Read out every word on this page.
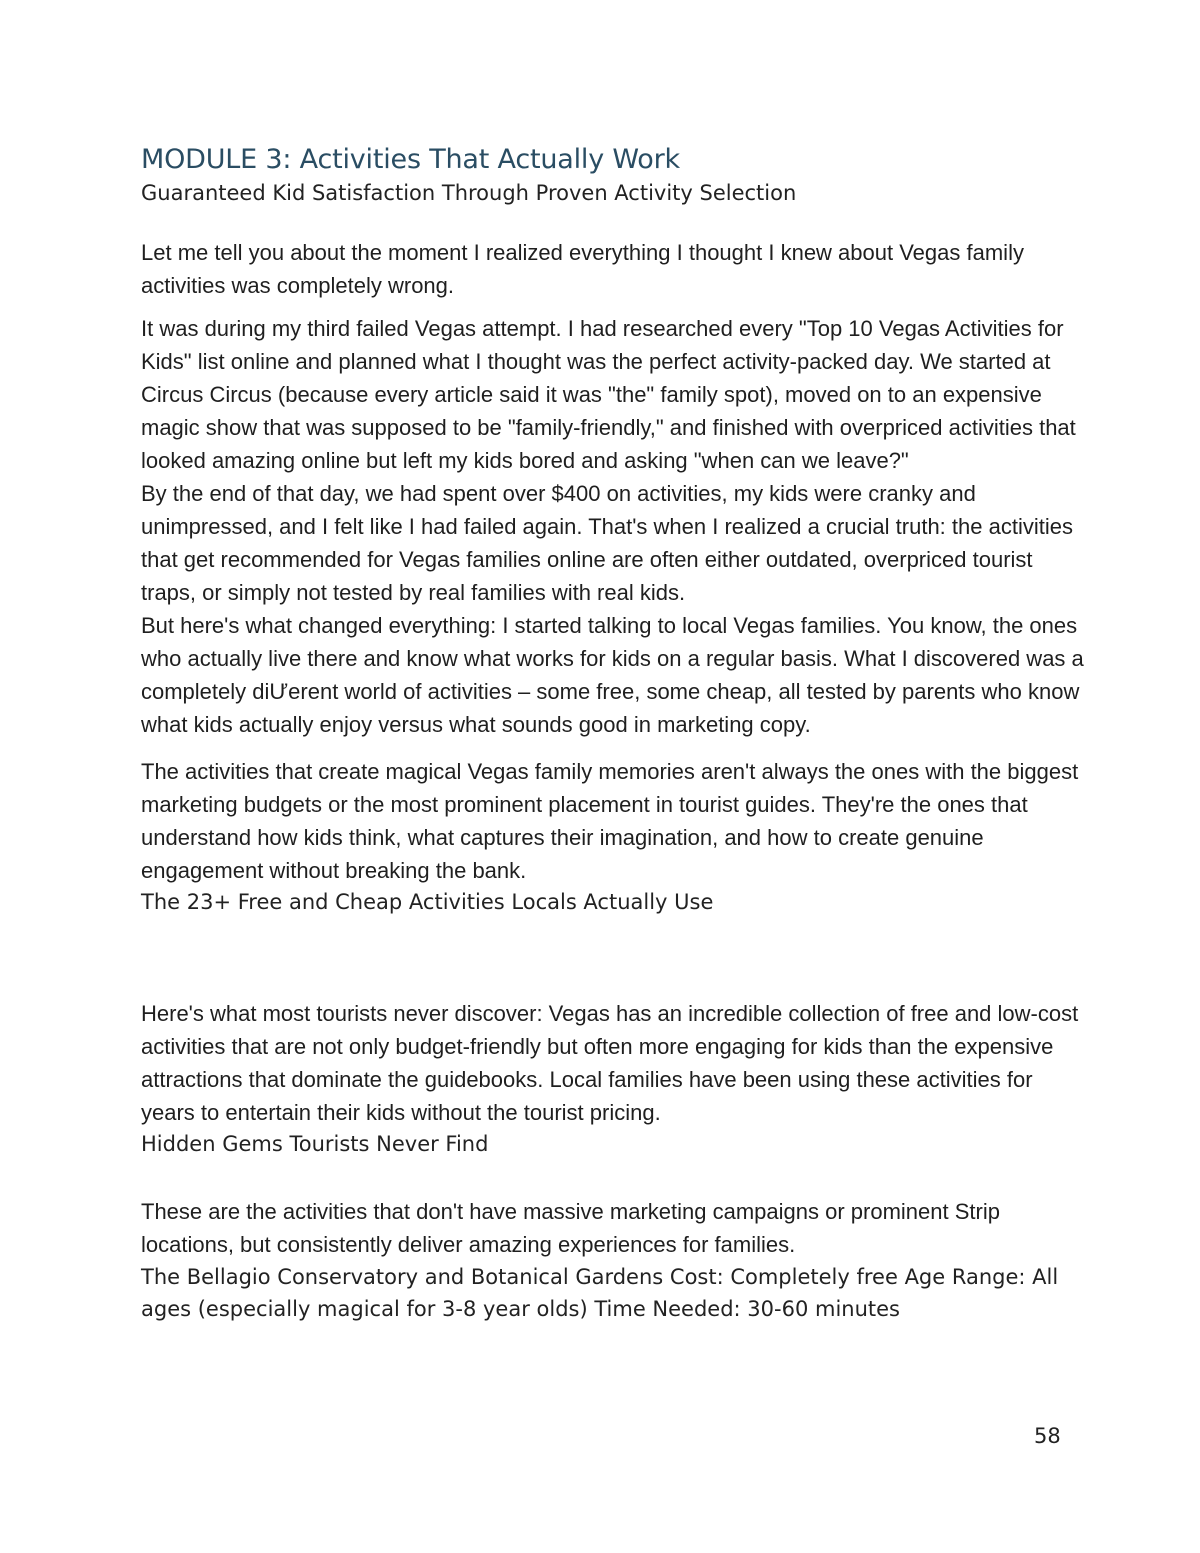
MODULE 3: Activities That Actually Work
Guaranteed Kid Satisfaction Through Proven Activity Selection

Let me tell you about the moment I realized everything I thought I knew about Vegas family activities was completely wrong.

It was during my third failed Vegas attempt. I had researched every "Top 10 Vegas Activities for Kids" list online and planned what I thought was the perfect activity-packed day. We started at Circus Circus (because every article said it was "the" family spot), moved on to an expensive magic show that was supposed to be "family-friendly," and finished with overpriced activities that looked amazing online but left my kids bored and asking "when can we leave?"

By the end of that day, we had spent over $400 on activities, my kids were cranky and unimpressed, and I felt like I had failed again. That's when I realized a crucial truth: the activities that get recommended for Vegas families online are often either outdated, overpriced tourist traps, or simply not tested by real families with real kids.

But here's what changed everything: I started talking to local Vegas families. You know, the ones who actually live there and know what works for kids on a regular basis. What I discovered was a completely diƯerent world of activities – some free, some cheap, all tested by parents who know what kids actually enjoy versus what sounds good in marketing copy.

The activities that create magical Vegas family memories aren't always the ones with the biggest marketing budgets or the most prominent placement in tourist guides. They're the ones that understand how kids think, what captures their imagination, and how to create genuine engagement without breaking the bank.

The 23+ Free and Cheap Activities Locals Actually Use

Here's what most tourists never discover: Vegas has an incredible collection of free and low-cost activities that are not only budget-friendly but often more engaging for kids than the expensive attractions that dominate the guidebooks. Local families have been using these activities for years to entertain their kids without the tourist pricing.

Hidden Gems Tourists Never Find

These are the activities that don't have massive marketing campaigns or prominent Strip locations, but consistently deliver amazing experiences for families.

The Bellagio Conservatory and Botanical Gardens Cost: Completely free Age Range: All ages (especially magical for 3-8 year olds) Time Needed: 30-60 minutes

58
